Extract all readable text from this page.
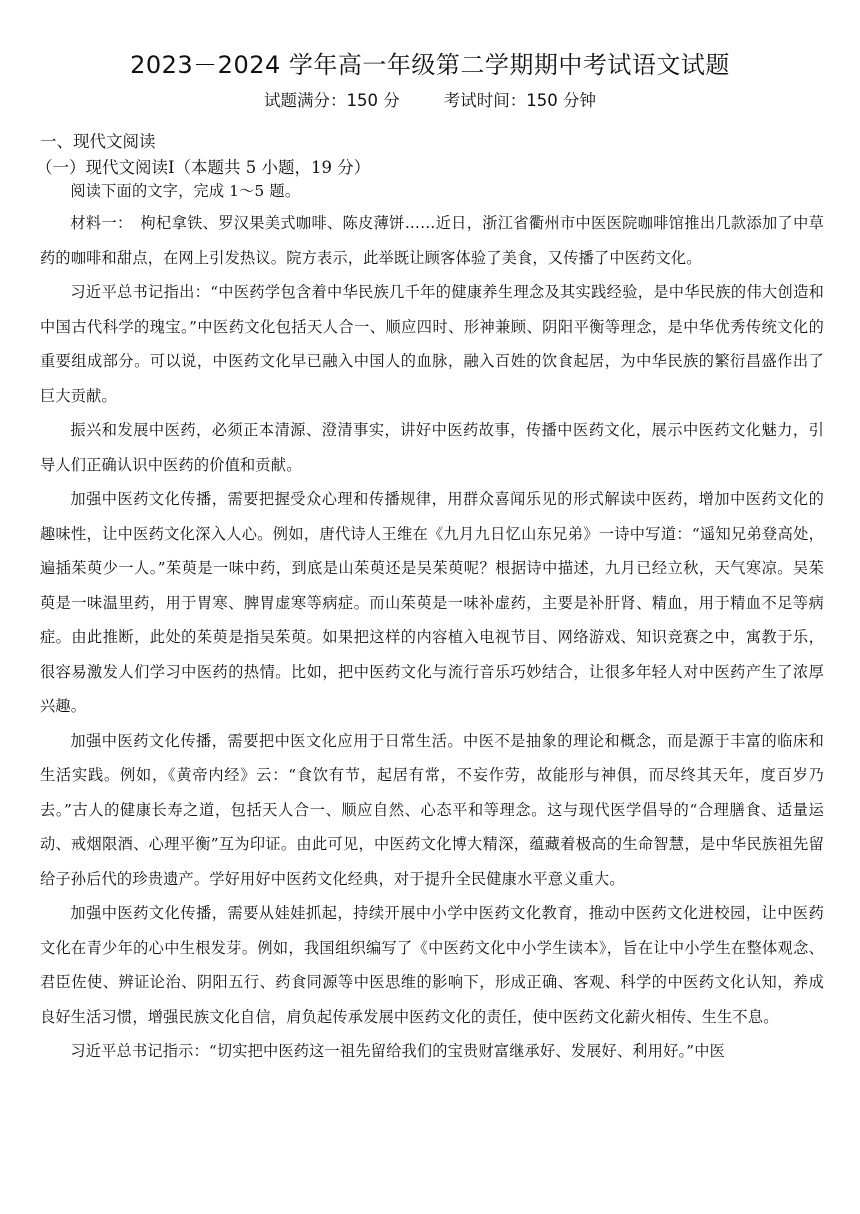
2023－2024 学年高一年级第二学期期中考试语文试题
试题满分：150 分	考试时间：150 分钟
一、现代文阅读
（一）现代文阅读Ⅰ（本题共 5 小题，19 分）

阅读下面的文字，完成 1～5 题。

材料一：　枸杞拿铁、罗汉果美式咖啡、陈皮薄饼……近日，浙江省衢州市中医医院咖啡馆推出几款添加了中草药的咖啡和甜点，在网上引发热议。院方表示，此举既让顾客体验了美食，又传播了中医药文化。

习近平总书记指出：“中医药学包含着中华民族几千年的健康养生理念及其实践经验，是中华民族的伟大创造和中国古代科学的瑰宝。”中医药文化包括天人合一、顺应四时、形神兼顾、阴阳平衡等理念，是中华优秀传统文化的重要组成部分。可以说，中医药文化早已融入中国人的血脉，融入百姓的饮食起居，为中华民族的繁衍昌盛作出了巨大贡献。

振兴和发展中医药，必须正本清源、澄清事实，讲好中医药故事，传播中医药文化，展示中医药文化魅力，引导人们正确认识中医药的价值和贡献。

加强中医药文化传播，需要把握受众心理和传播规律，用群众喜闻乐见的形式解读中医药，增加中医药文化的趣味性，让中医药文化深入人心。例如，唐代诗人王维在《九月九日忆山东兄弟》一诗中写道：“遥知兄弟登高处，遍插茱萸少一人。”茱萸是一味中药，到底是山茱萸还是吴茱萸呢？根据诗中描述，九月已经立秋，天气寒凉。吴茱萸是一味温里药，用于胃寒、脾胃虚寒等病症。而山茱萸是一味补虚药，主要是补肝肾、精血，用于精血不足等病症。由此推断，此处的茱萸是指吴茱萸。如果把这样的内容植入电视节目、网络游戏、知识竞赛之中，寓教于乐，很容易激发人们学习中医药的热情。比如，把中医药文化与流行音乐巧妙结合，让很多年轻人对中医药产生了浓厚兴趣。

加强中医药文化传播，需要把中医文化应用于日常生活。中医不是抽象的理论和概念，而是源于丰富的临床和生活实践。例如，《黄帝内经》云：“食饮有节，起居有常，不妄作劳，故能形与神俱，而尽终其天年，度百岁乃去。”古人的健康长寿之道，包括天人合一、顺应自然、心态平和等理念。这与现代医学倡导的“合理膳食、适量运动、戒烟限酒、心理平衡”互为印证。由此可见，中医药文化博大精深，蕴藏着极高的生命智慧，是中华民族祖先留给子孙后代的珍贵遗产。学好用好中医药文化经典，对于提升全民健康水平意义重大。

加强中医药文化传播，需要从娃娃抓起，持续开展中小学中医药文化教育，推动中医药文化进校园，让中医药文化在青少年的心中生根发芽。例如，我国组织编写了《中医药文化中小学生读本》，旨在让中小学生在整体观念、君臣佐使、辨证论治、阴阳五行、药食同源等中医思维的影响下，形成正确、客观、科学的中医药文化认知，养成良好生活习惯，增强民族文化自信，肩负起传承发展中医药文化的责任，使中医药文化薪火相传、生生不息。

习近平总书记指示：“切实把中医药这一祖先留给我们的宝贵财富继承好、发展好、利用好。”中医
